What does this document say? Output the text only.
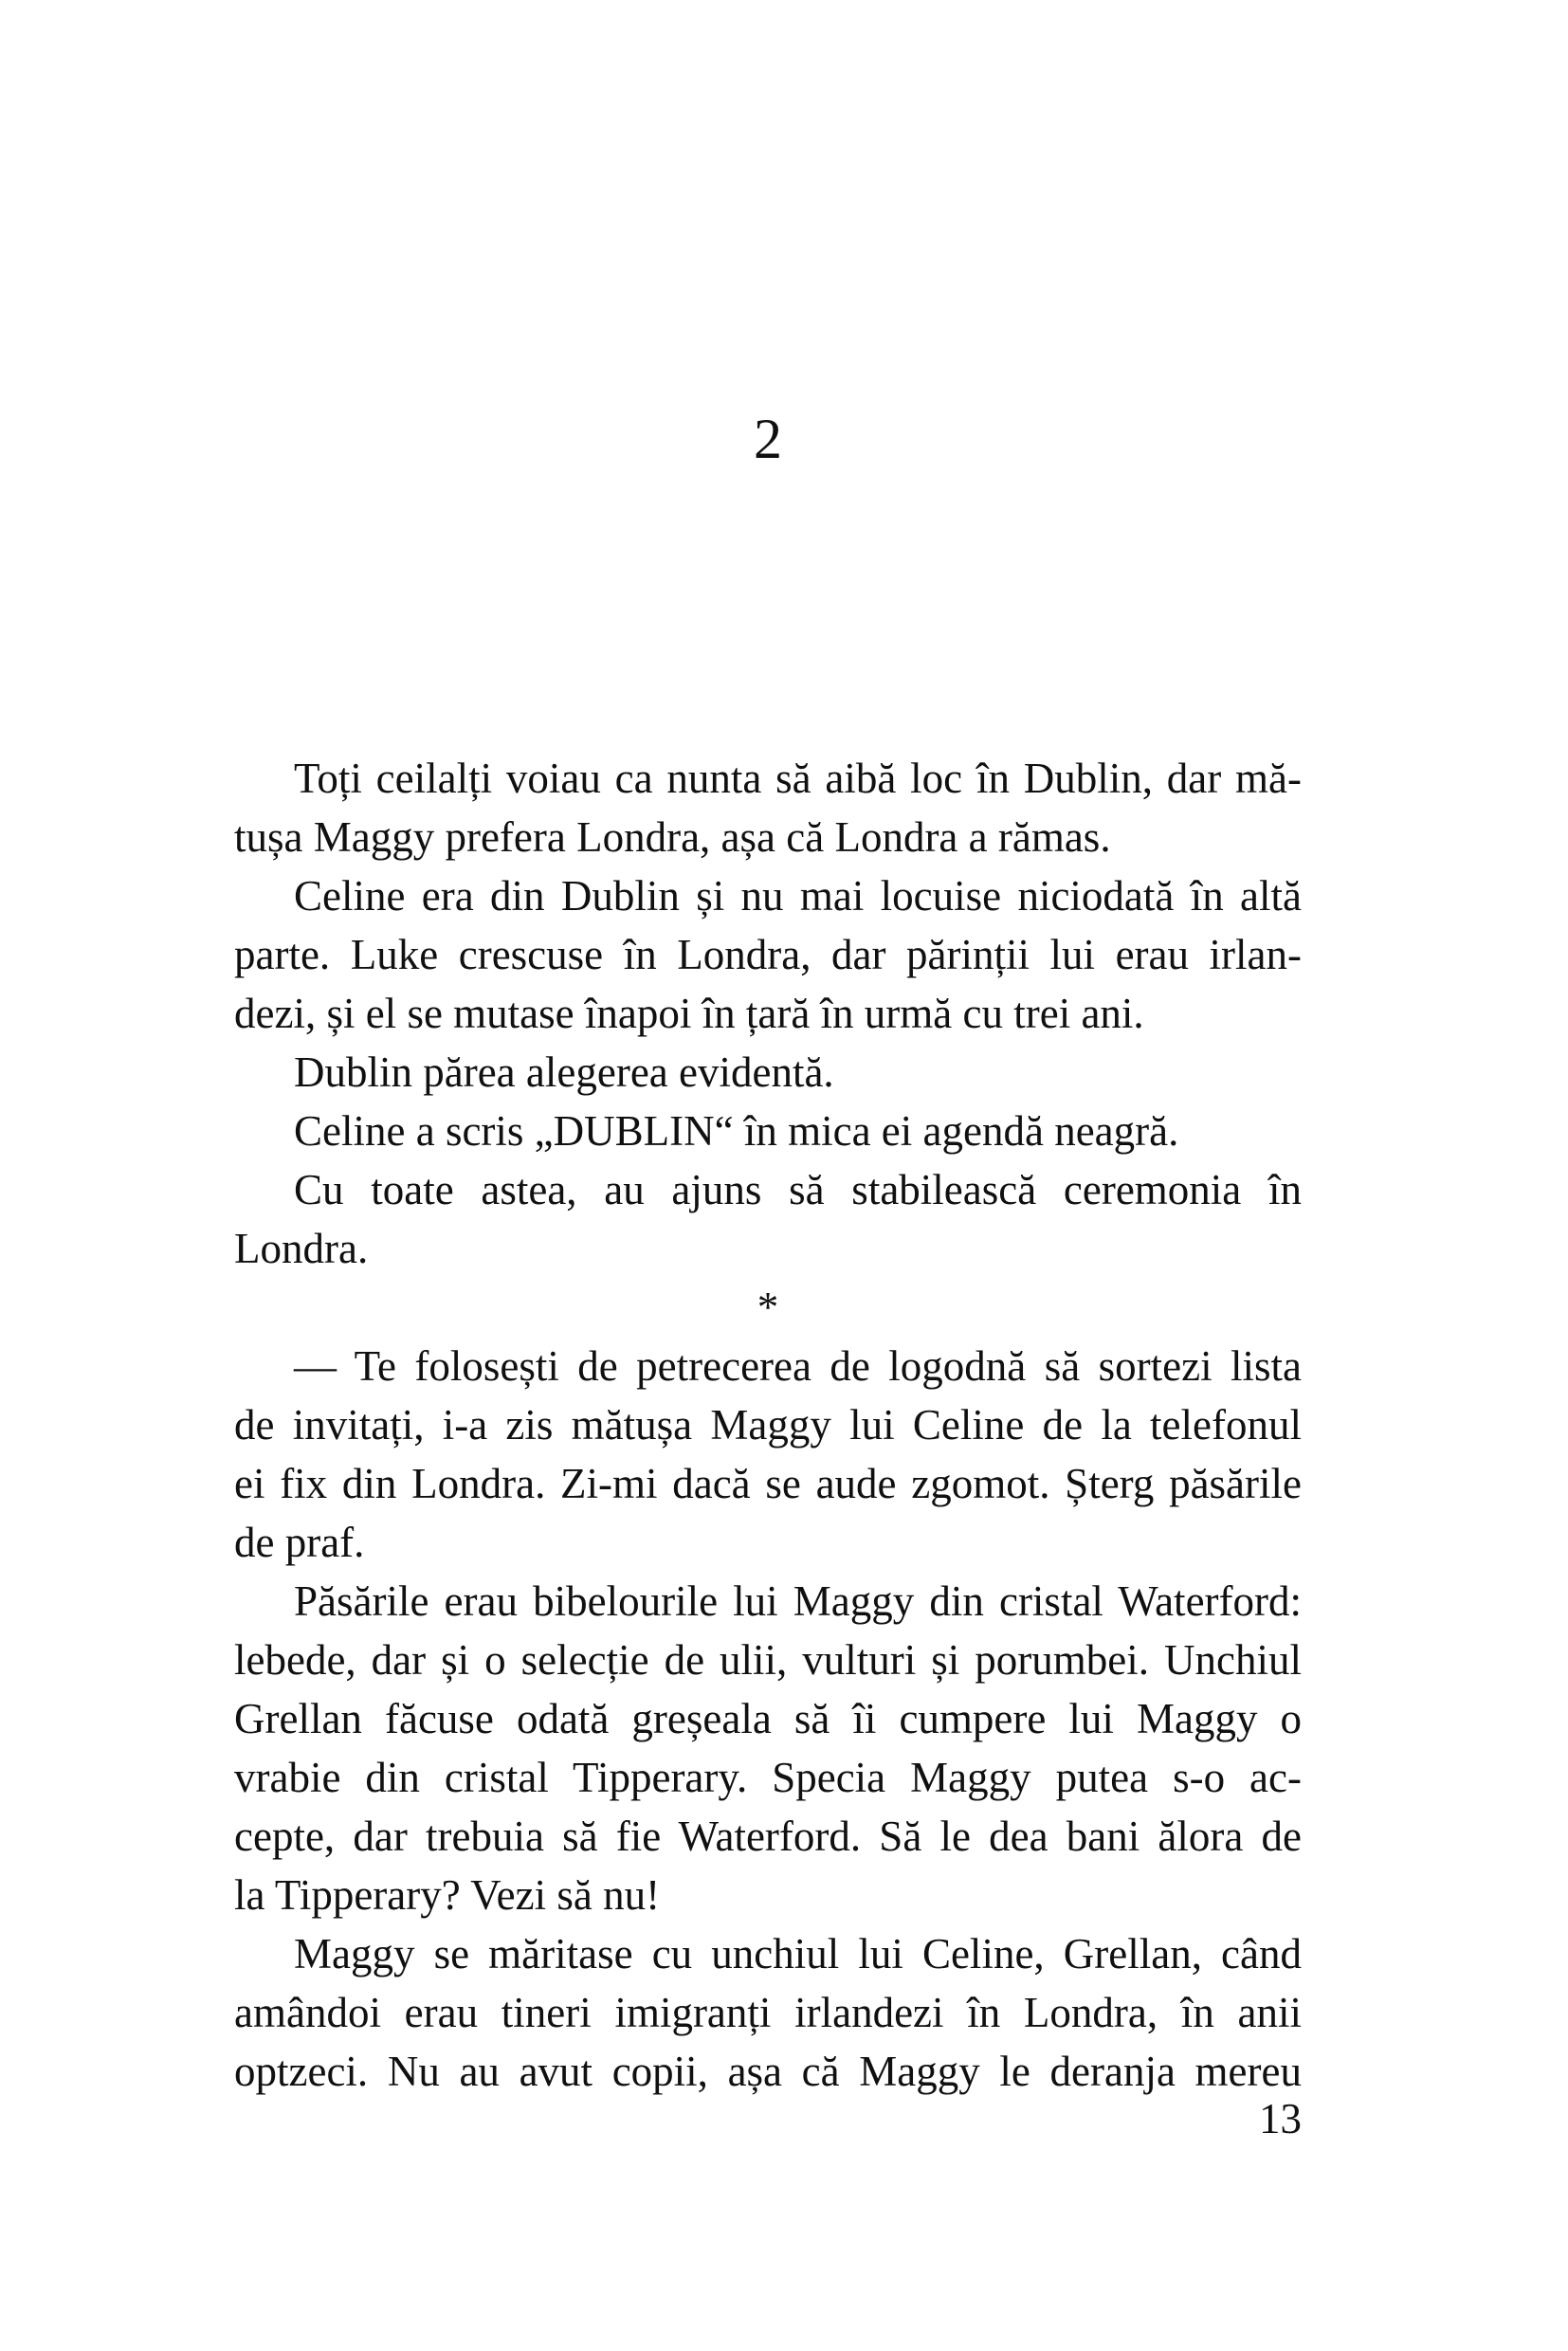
2
Toți ceilalți voiau ca nunta să aibă loc în Dublin, dar mă-
tușa Maggy prefera Londra, așa că Londra a rămas.
Celine era din Dublin și nu mai locuise niciodată în altă
parte. Luke crescuse în Londra, dar părinții lui erau irlan-
dezi, și el se mutase înapoi în țară în urmă cu trei ani.
Dublin părea alegerea evidentă.
Celine a scris „DUBLIN“ în mica ei agendă neagră.
Cu toate astea, au ajuns să stabilească ceremonia în
Londra.
*
— Te folosești de petrecerea de logodnă să sortezi lista
de invitați, i-a zis mătușa Maggy lui Celine de la telefonul
ei fix din Londra. Zi-mi dacă se aude zgomot. Șterg păsările
de praf.
Păsările erau bibelourile lui Maggy din cristal Waterford:
lebede, dar și o selecție de ulii, vulturi și porumbei. Unchiul
Grellan făcuse odată greșeala să îi cumpere lui Maggy o
vrabie din cristal Tipperary. Specia Maggy putea s-o ac-
cepte, dar trebuia să fie Waterford. Să le dea bani ălora de
la Tipperary? Vezi să nu!
Maggy se măritase cu unchiul lui Celine, Grellan, când
amândoi erau tineri imigranți irlandezi în Londra, în anii
optzeci. Nu au avut copii, așa că Maggy le deranja mereu
13
